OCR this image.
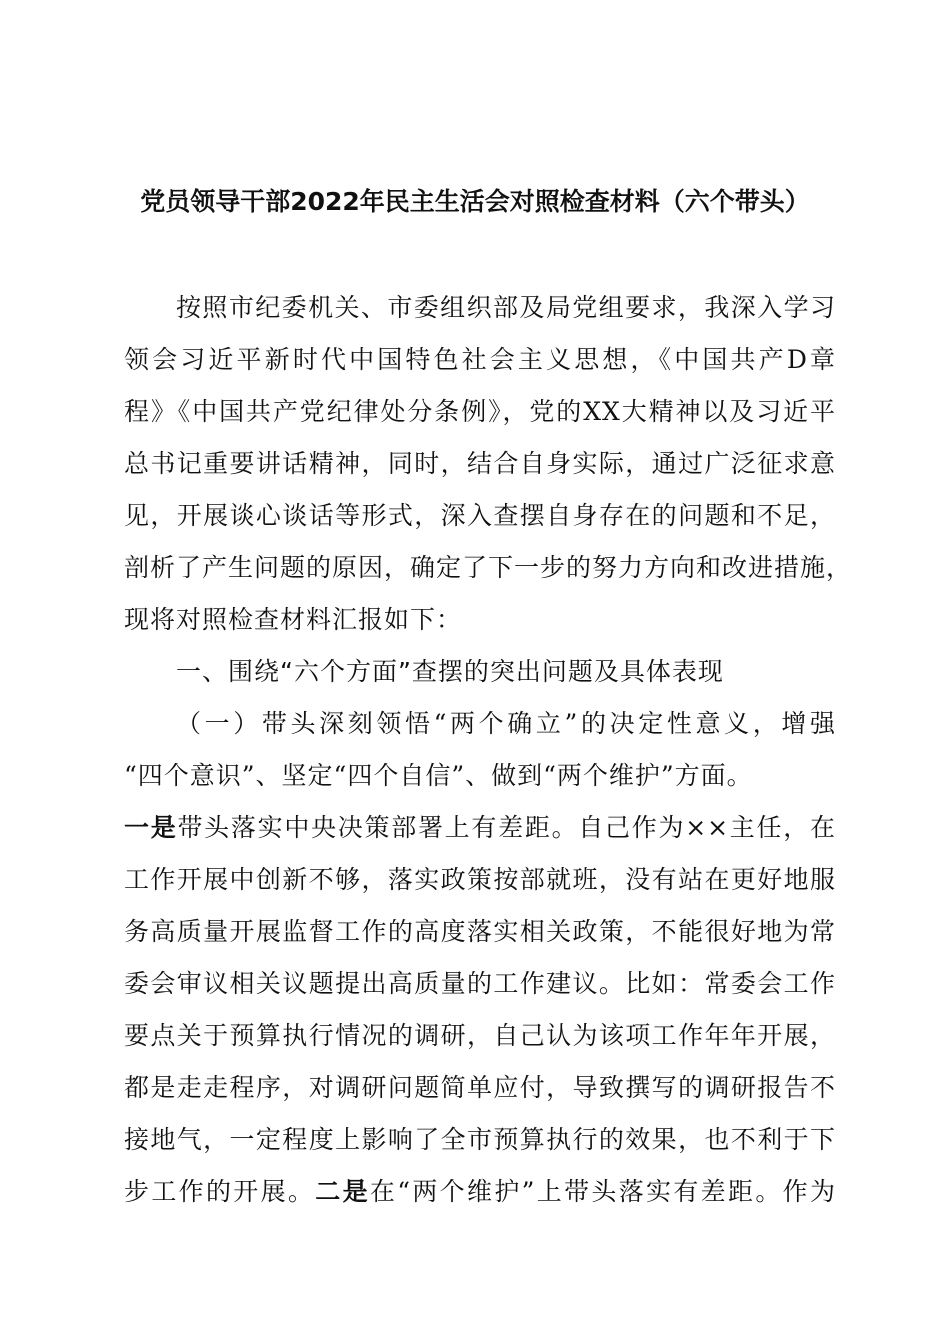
党员领导干部2022年民主生活会对照检查材料（六个带头）
按照市纪委机关、市委组织部及局党组要求，我深入学习
领会习近平新时代中国特色社会主义思想，《中国共产D章
程》《中国共产党纪律处分条例》，党的XX大精神以及习近平
总书记重要讲话精神，同时，结合自身实际，通过广泛征求意
见，开展谈心谈话等形式，深入查摆自身存在的问题和不足，
剖析了产生问题的原因，确定了下一步的努力方向和改进措施，
现将对照检查材料汇报如下：
一、围绕“六个方面”查摆的突出问题及具体表现
（一）带头深刻领悟“两个确立”的决定性意义，增强
“四个意识”、坚定“四个自信”、做到“两个维护”方面。
一是带头落实中央决策部署上有差距。自己作为××主任，在
工作开展中创新不够，落实政策按部就班，没有站在更好地服
务高质量开展监督工作的高度落实相关政策，不能很好地为常
委会审议相关议题提出高质量的工作建议。比如：常委会工作
要点关于预算执行情况的调研，自己认为该项工作年年开展，
都是走走程序，对调研问题简单应付，导致撰写的调研报告不
接地气，一定程度上影响了全市预算执行的效果，也不利于下
步工作的开展。二是在“两个维护”上带头落实有差距。作为
